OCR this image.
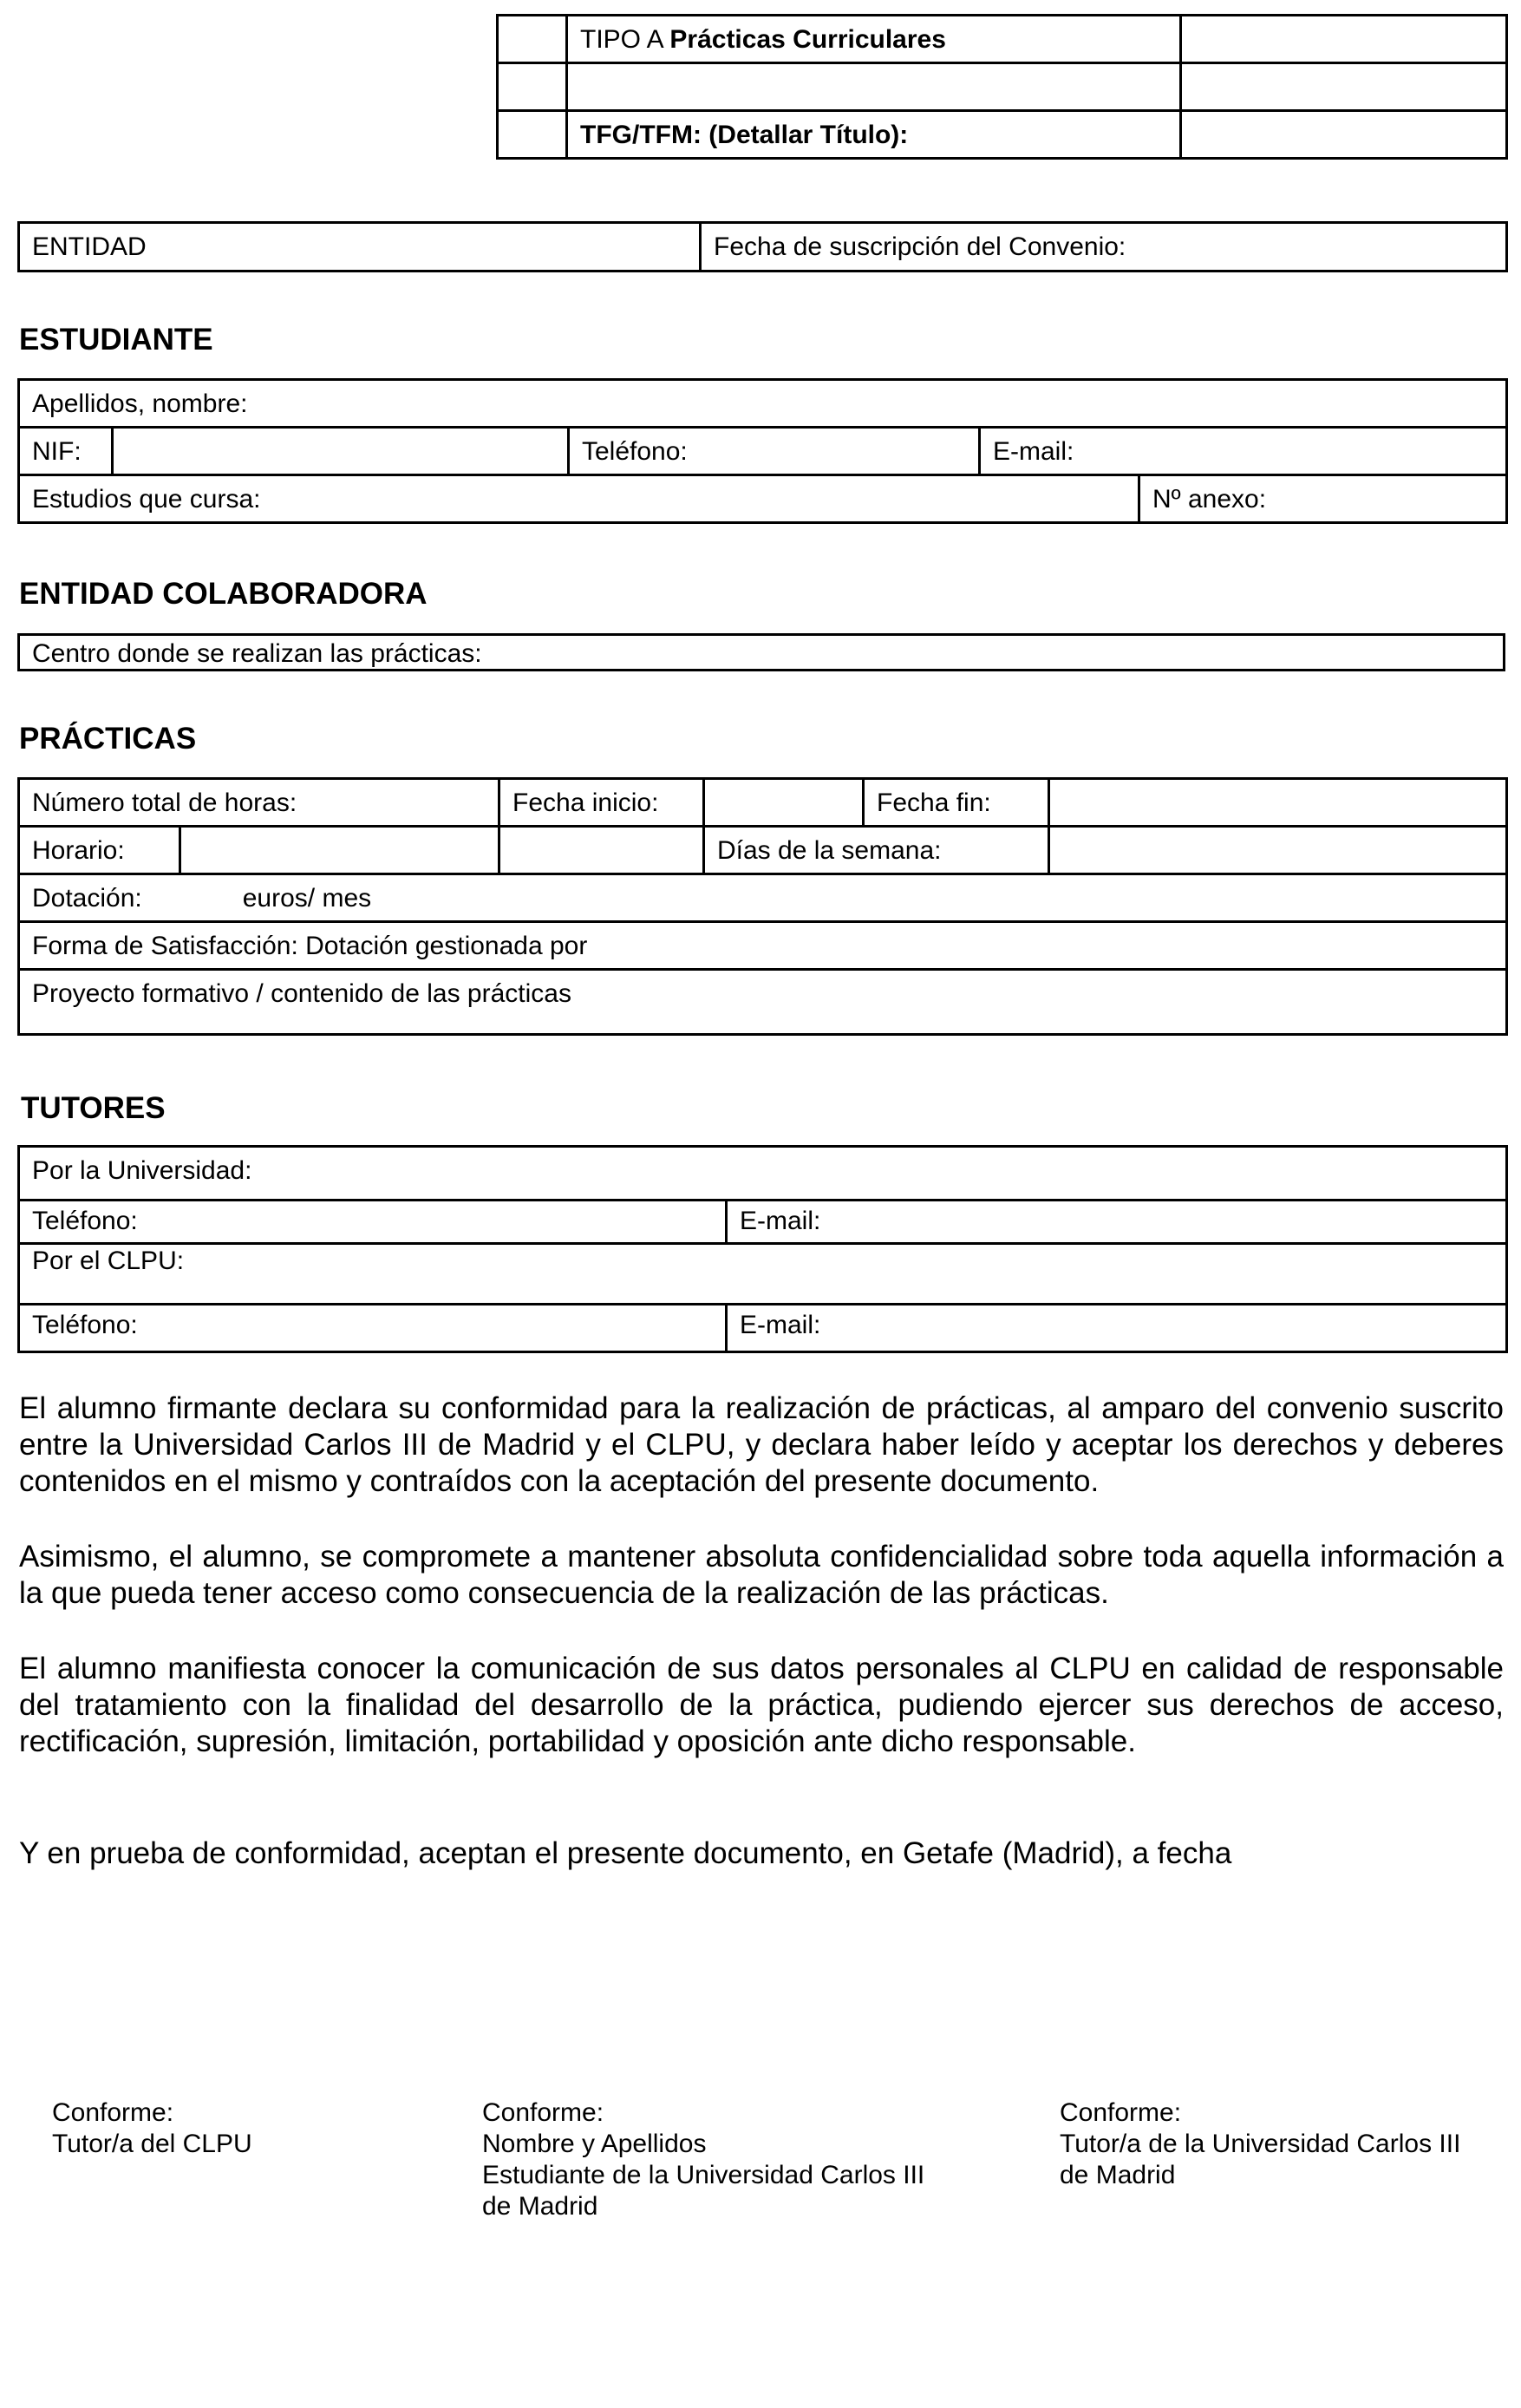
	TIPO A Prácticas Curriculares	

	TFG/TFM: (Detallar Título):	
ENTIDAD	Fecha de suscripción del Convenio:
ESTUDIANTE
Apellidos, nombre:				
NIF:		Teléfono:	E-mail:	
Estudios que cursa:				Nº anexo:
ENTIDAD COLABORADORA
Centro donde se realizan las prácticas:
PRÁCTICAS
Número total de horas:		Fecha inicio:		Fecha fin:	
Horario:			Días de la semana:		
Dotación: euros/ mes					
Forma de Satisfacción: Dotación gestionada por					
Proyecto formativo / contenido de las prácticas					
TUTORES
Por la Universidad:	
Teléfono:	E-mail:
Por el CLPU:	
Teléfono:	E-mail:
El alumno firmante declara su conformidad para la realización de prácticas, al amparo del convenio suscrito entre la Universidad Carlos III de Madrid y el CLPU, y declara haber leído y aceptar los derechos y deberes contenidos en el mismo y contraídos con la aceptación del presente documento.
Asimismo, el alumno, se compromete a mantener absoluta confidencialidad sobre toda aquella información a la que pueda tener acceso como consecuencia de la realización de las prácticas.
El alumno manifiesta conocer la comunicación de sus datos personales al CLPU en calidad de responsable del tratamiento con la finalidad del desarrollo de la práctica, pudiendo ejercer sus derechos de acceso, rectificación, supresión, limitación, portabilidad y oposición ante dicho responsable.
Y en prueba de conformidad, aceptan el presente documento, en Getafe (Madrid), a fecha
Conforme:
Tutor/a del CLPU
Conforme:
Nombre y Apellidos
Estudiante de la Universidad Carlos III
de Madrid
Conforme:
Tutor/a de la Universidad Carlos III
de Madrid
